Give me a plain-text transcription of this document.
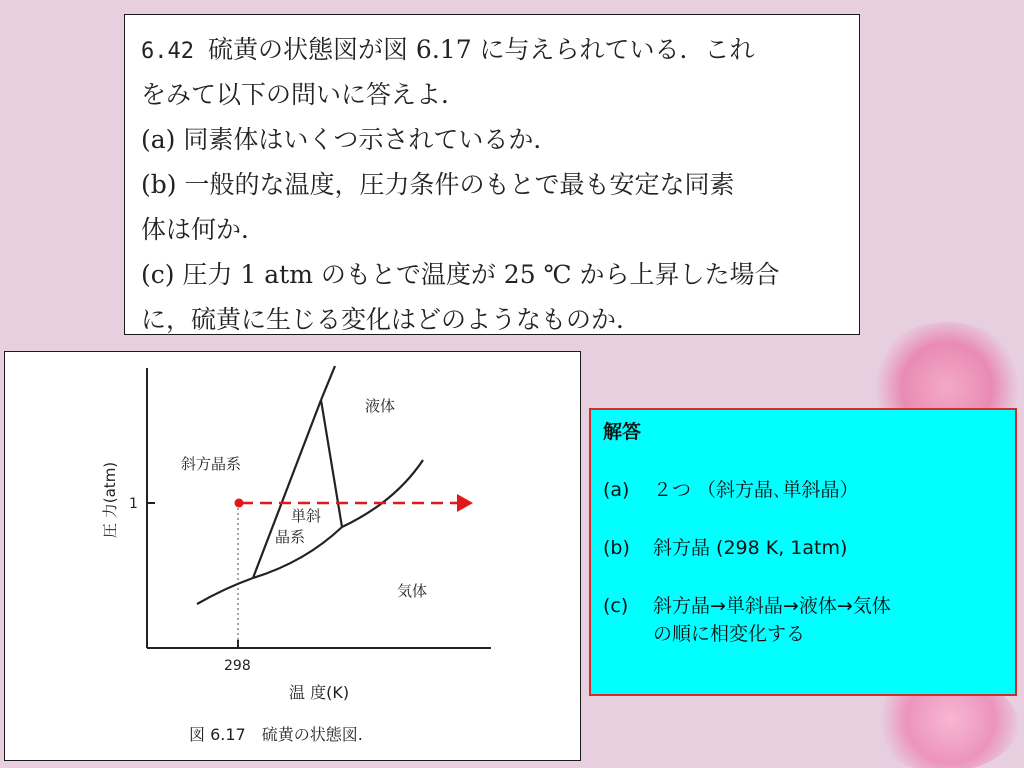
6.42 硫黄の状態図が図 6.17 に与えられている．これ
をみて以下の問いに答えよ．
(a) 同素体はいくつ示されているか．
(b) 一般的な温度，圧力条件のもとで最も安定な同素
体は何か．
(c) 圧力 1 atm のもとで温度が 25 ℃ から上昇した場合
に，硫黄に生じる変化はどのようなものか．
液体
斜方晶系
単斜
晶系
気体
1
298
圧 力(atm)
温 度(K)
図 6.17　硫黄の状態図.
解答
(a)	２つ （斜方晶､単斜晶）
(b)	斜方晶 (298 K, 1atm)
(c)	斜方晶→単斜晶→液体→気体
の順に相変化する
